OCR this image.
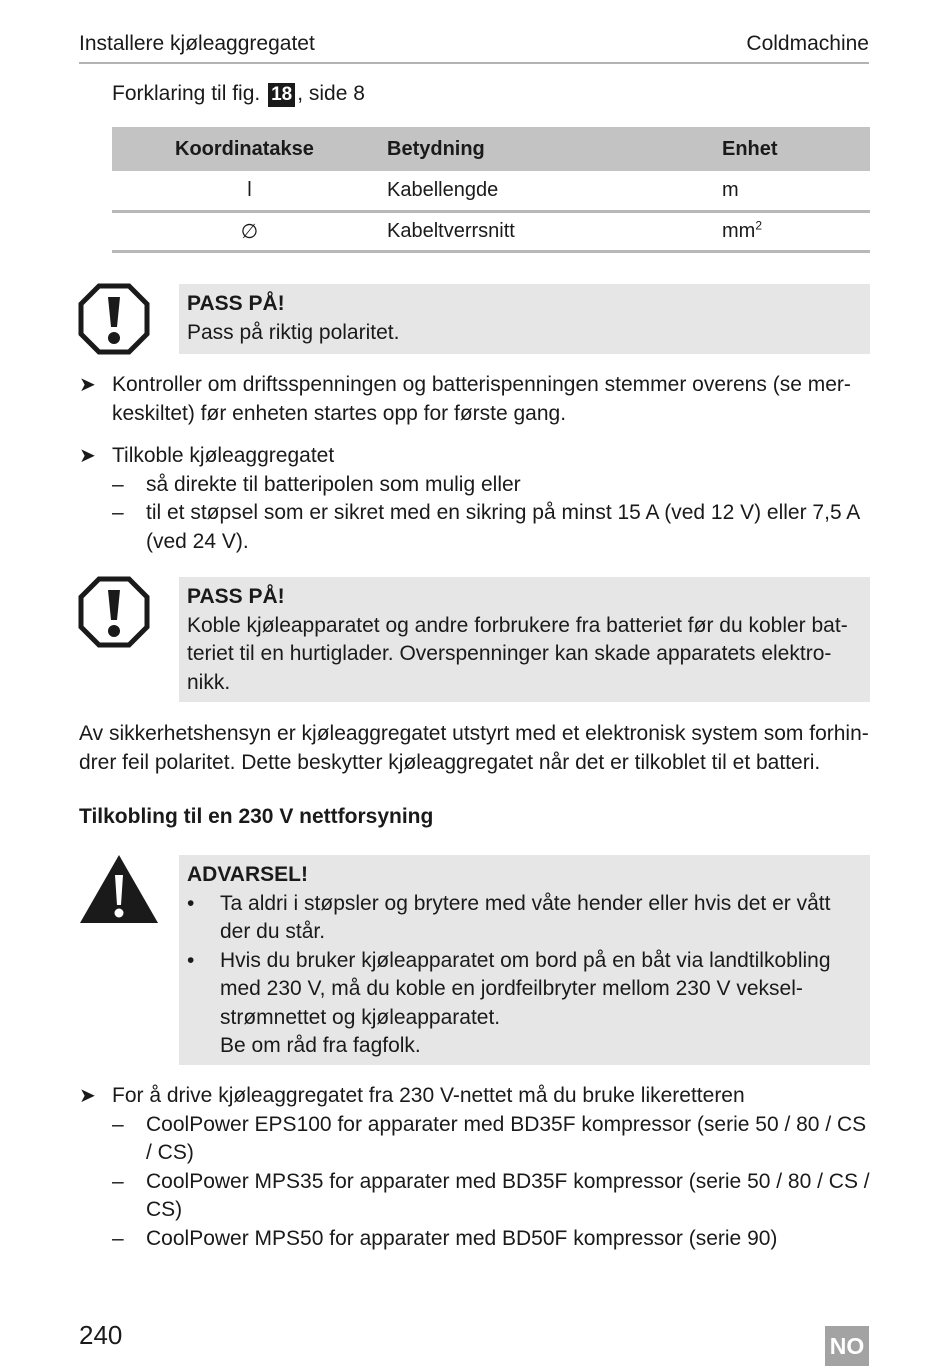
Installere kjøleaggregatet	Coldmachine
Forklaring til fig. 18 , side 8
Koordinatakse	Betydning	Enhet
l	Kabellengde	m
∅	Kabeltverrsnitt	$mm^2$
PASS PÅ!
Pass på riktig polaritet.
➤ Kontroller om driftsspenningen og batterispenningen stemmer overens (se mer-keskiltet) før enheten startes opp for første gang.
➤ Tilkoble kjøleaggregatet
– så direkte til batteripolen som mulig eller
– til et støpsel som er sikret med en sikring på minst 15 A (ved 12 V) eller 7,5 A (ved 24 V).
PASS PÅ!
Koble kjøleapparatet og andre forbrukere fra batteriet før du kobler bat-teriet til en hurtiglader. Overspenninger kan skade apparatets elektro-nikk.
Av sikkerhetshensyn er kjøleaggregatet utstyrt med et elektronisk system som forhin-drer feil polaritet. Dette beskytter kjøleaggregatet når det er tilkoblet til et batteri.
Tilkobling til en 230 V nettforsyning
ADVARSEL!
• Ta aldri i støpsler og brytere med våte hender eller hvis det er vått der du står.
• Hvis du bruker kjøleapparatet om bord på en båt via landtilkobling med 230 V, må du koble en jordfeilbryter mellom 230 V veksel-strømnettet og kjøleapparatet.
Be om råd fra fagfolk.
➤ For å drive kjøleaggregatet fra 230 V-nettet må du bruke likeretteren
– CoolPower EPS100 for apparater med BD35F kompressor (serie 50 / 80 / CS / CS)
– CoolPower MPS35 for apparater med BD35F kompressor (serie 50 / 80 / CS / CS)
– CoolPower MPS50 for apparater med BD50F kompressor (serie 90)
240	NO
